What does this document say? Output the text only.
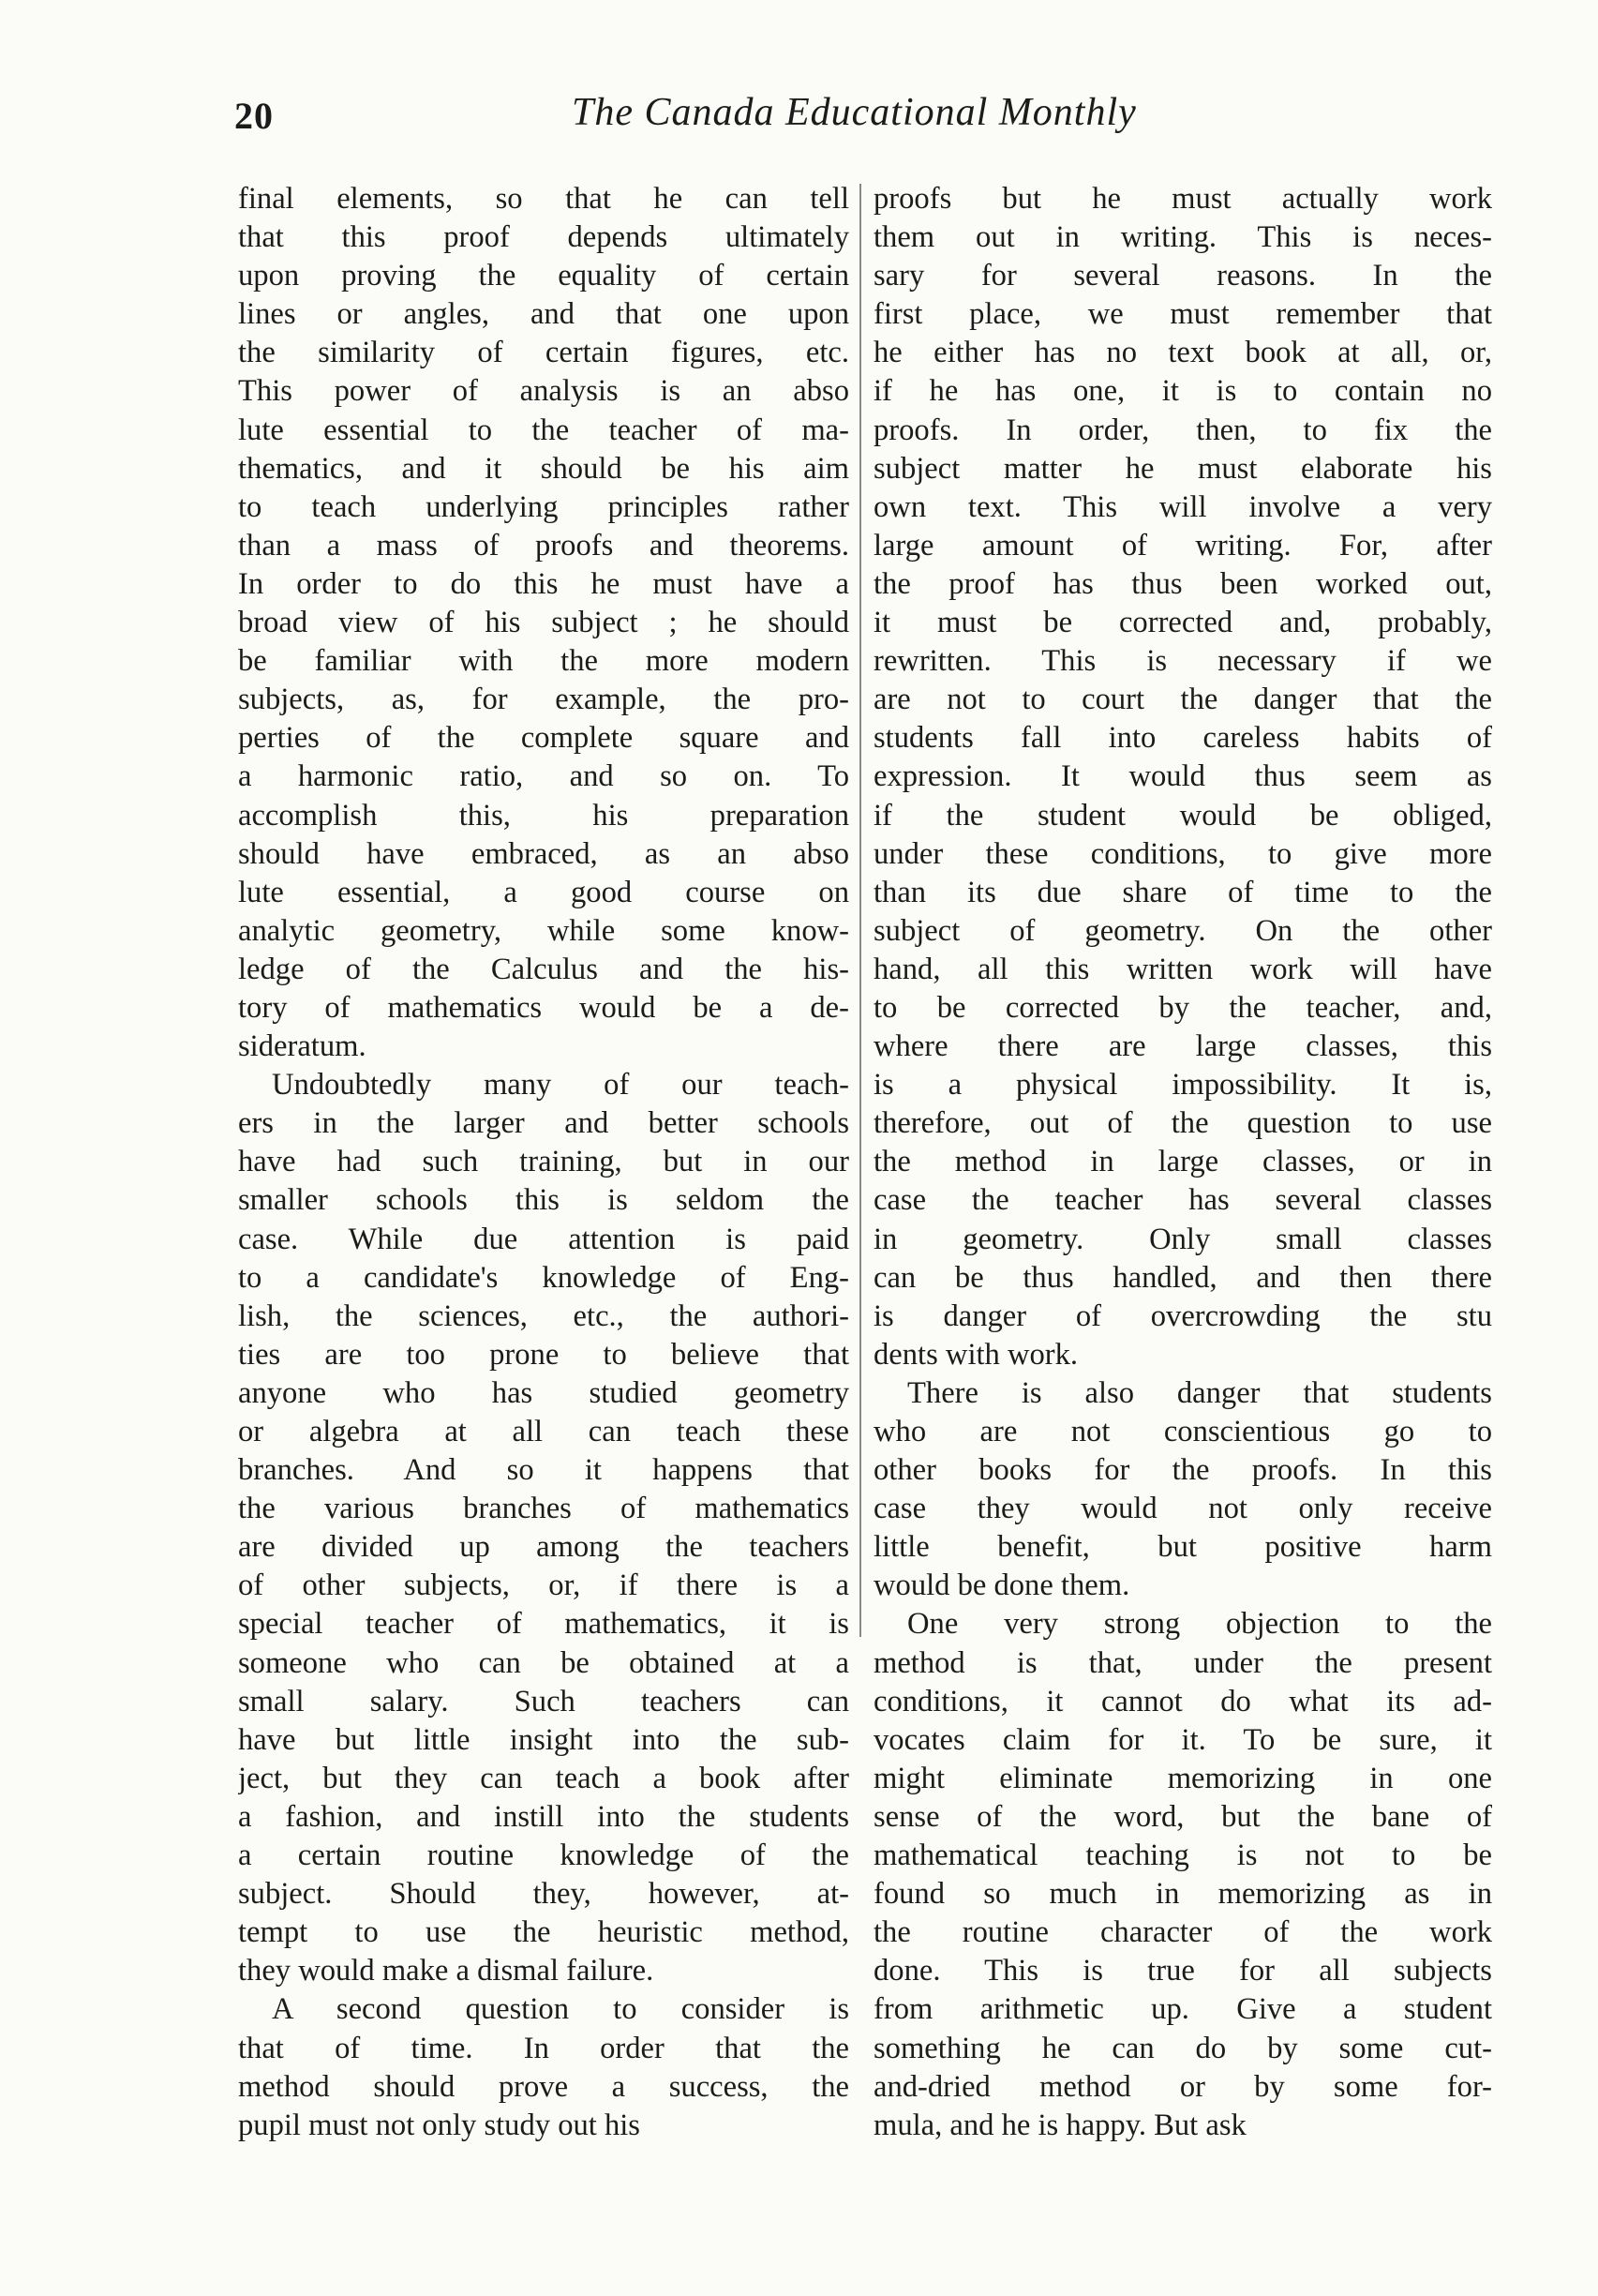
20	The Canada Educational Monthly
final elements, so that he can tell
that this proof depends ultimately
upon proving the equality of certain
lines or angles, and that one upon
the similarity of certain figures, etc.
This power of analysis is an abso
lute essential to the teacher of ma-
thematics, and it should be his aim
to teach underlying principles rather
than a mass of proofs and theorems.
In order to do this he must have a
broad view of his subject ; he should
be familiar with the more modern
subjects, as, for example, the pro-
perties of the complete square and
a harmonic ratio, and so on. To
accomplish this, his preparation
should have embraced, as an abso
lute essential, a good course on
analytic geometry, while some know-
ledge of the Calculus and the his-
tory of mathematics would be a de-
sideratum.
Undoubtedly many of our teach-
ers in the larger and better schools
have had such training, but in our
smaller schools this is seldom the
case. While due attention is paid
to a candidate's knowledge of Eng-
lish, the sciences, etc., the authori-
ties are too prone to believe that
anyone who has studied geometry
or algebra at all can teach these
branches. And so it happens that
the various branches of mathematics
are divided up among the teachers
of other subjects, or, if there is a
special teacher of mathematics, it is
someone who can be obtained at a
small salary. Such teachers can
have but little insight into the sub-
ject, but they can teach a book after
a fashion, and instill into the students
a certain routine knowledge of the
subject. Should they, however, at-
tempt to use the heuristic method,
they would make a dismal failure.
A second question to consider is
that of time. In order that the
method should prove a success, the
pupil must not only study out his
proofs but he must actually work
them out in writing. This is neces-
sary for several reasons. In the
first place, we must remember that
he either has no text book at all, or,
if he has one, it is to contain no
proofs. In order, then, to fix the
subject matter he must elaborate his
own text. This will involve a very
large amount of writing. For, after
the proof has thus been worked out,
it must be corrected and, probably,
rewritten. This is necessary if we
are not to court the danger that the
students fall into careless habits of
expression. It would thus seem as
if the student would be obliged,
under these conditions, to give more
than its due share of time to the
subject of geometry. On the other
hand, all this written work will have
to be corrected by the teacher, and,
where there are large classes, this
is a physical impossibility. It is,
therefore, out of the question to use
the method in large classes, or in
case the teacher has several classes
in geometry. Only small classes
can be thus handled, and then there
is danger of overcrowding the stu
dents with work.
There is also danger that students
who are not conscientious go to
other books for the proofs. In this
case they would not only receive
little benefit, but positive harm
would be done them.
One very strong objection to the
method is that, under the present
conditions, it cannot do what its ad-
vocates claim for it. To be sure, it
might eliminate memorizing in one
sense of the word, but the bane of
mathematical teaching is not to be
found so much in memorizing as in
the routine character of the work
done. This is true for all subjects
from arithmetic up. Give a student
something he can do by some cut-
and-dried method or by some for-
mula, and he is happy. But ask
